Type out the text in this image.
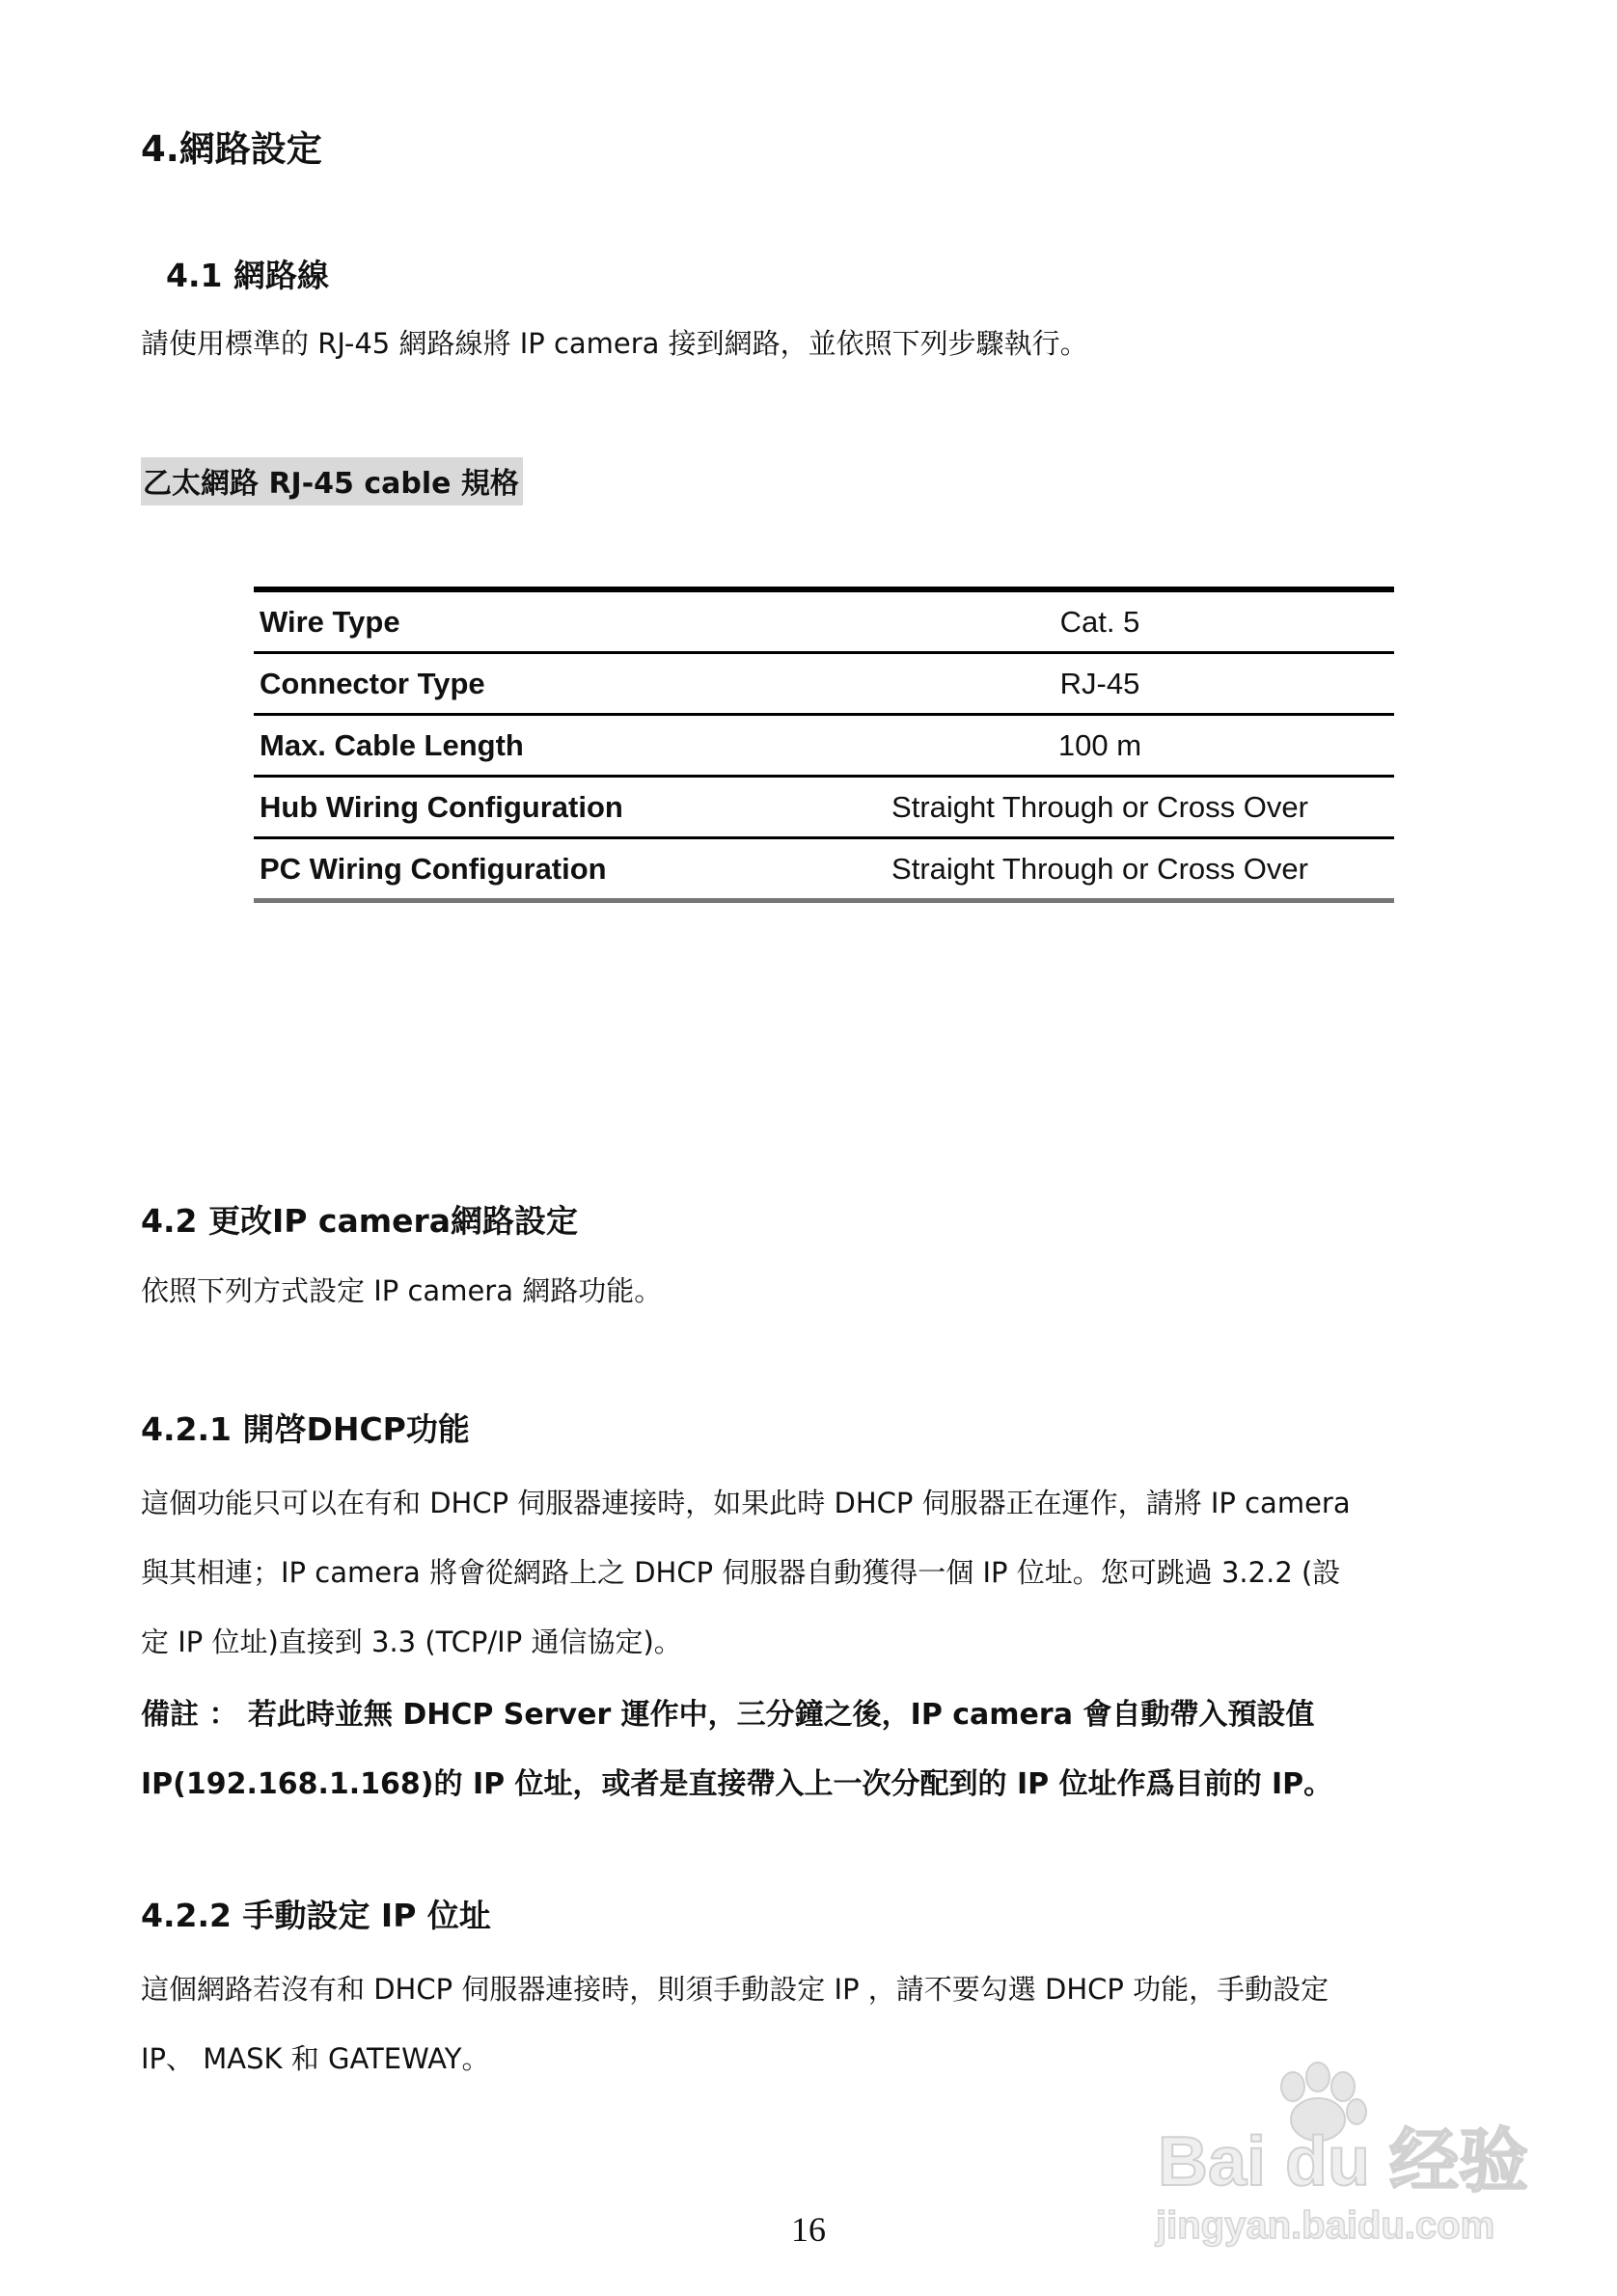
4.網路設定
4.1 網路線
請使用標準的 RJ-45 網路線將 IP camera 接到網路，並依照下列步驟執行。
乙太網路 RJ-45 cable 規格
Wire Type	Cat. 5
Connector Type	RJ-45
Max. Cable Length	100 m
Hub Wiring Configuration	Straight Through or Cross Over
PC Wiring Configuration	Straight Through or Cross Over
4.2 更改IP camera網路設定
依照下列方式設定 IP camera 網路功能。
4.2.1 開啓DHCP功能
這個功能只可以在有和 DHCP 伺服器連接時，如果此時 DHCP 伺服器正在運作，請將 IP camera
與其相連；IP camera 將會從網路上之 DHCP 伺服器自動獲得一個 IP 位址。您可跳過 3.2.2 (設
定 IP 位址)直接到 3.3 (TCP/IP 通信協定)。
備註 ： 若此時並無 DHCP Server 運作中，三分鐘之後，IP camera 會自動帶入預設值
IP(192.168.1.168)的 IP 位址，或者是直接帶入上一次分配到的 IP 位址作爲目前的 IP。
4.2.2 手動設定 IP 位址
這個網路若沒有和 DHCP 伺服器連接時，則須手動設定 IP ，請不要勾選 DHCP 功能，手動設定
IP、 MASK 和 GATEWAY。
16
Bai du 经验
jingyan.baidu.com
